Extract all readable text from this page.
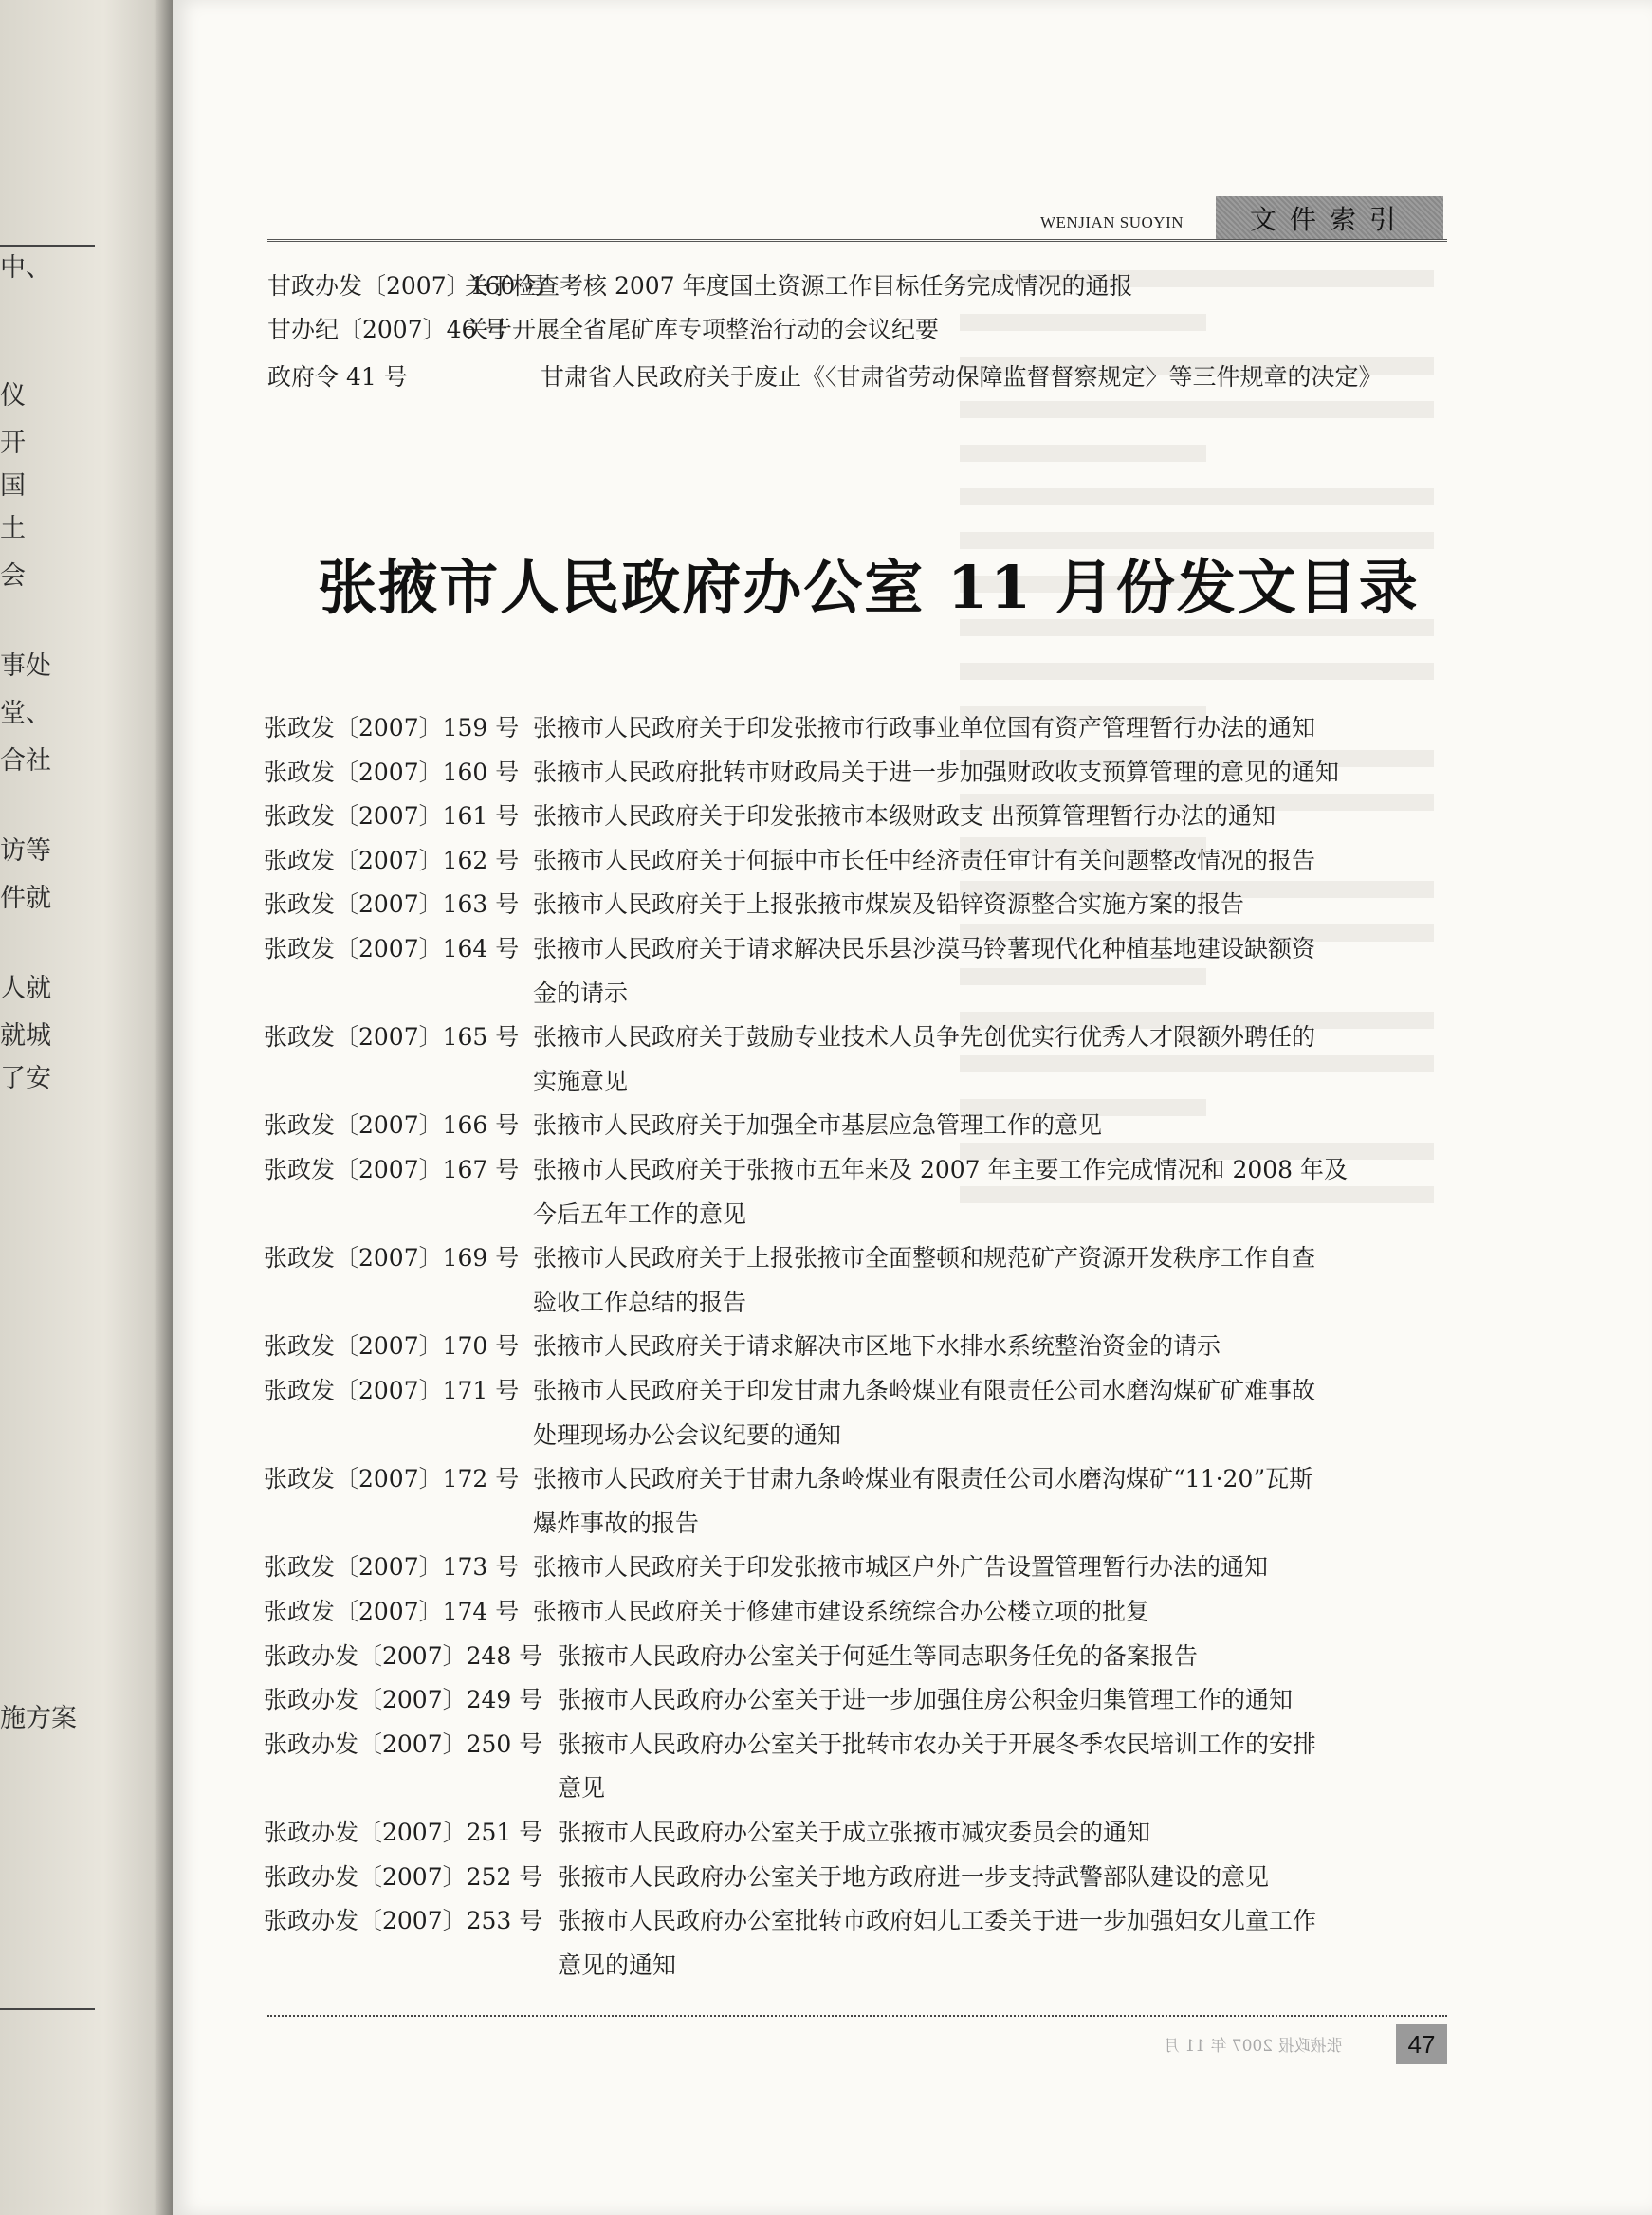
中、
仪
开
国
土
会
事处
堂、
合社
访等
件就
人就
就城
了安
施方案
WENJIAN SUOYIN 文件索引
甘政办发〔2007〕160 号
关于检查考核 2007 年度国土资源工作目标任务完成情况的通报
甘办纪〔2007〕46 号
关于开展全省尾矿库专项整治行动的会议纪要
政府令 41 号	甘肃省人民政府关于废止《〈甘肃省劳动保障监督督察规定〉等三件规章的决定》
张掖市人民政府办公室 11 月份发文目录
张政发〔2007〕159 号 张掖市人民政府关于印发张掖市行政事业单位国有资产管理暂行办法的通知
张政发〔2007〕160 号 张掖市人民政府批转市财政局关于进一步加强财政收支预算管理的意见的通知
张政发〔2007〕161 号 张掖市人民政府关于印发张掖市本级财政支 出预算管理暂行办法的通知
张政发〔2007〕162 号 张掖市人民政府关于何振中市长任中经济责任审计有关问题整改情况的报告
张政发〔2007〕163 号 张掖市人民政府关于上报张掖市煤炭及铅锌资源整合实施方案的报告
张政发〔2007〕164 号 张掖市人民政府关于请求解决民乐县沙漠马铃薯现代化种植基地建设缺额资
金的请示
张政发〔2007〕165 号 张掖市人民政府关于鼓励专业技术人员争先创优实行优秀人才限额外聘任的
实施意见
张政发〔2007〕166 号 张掖市人民政府关于加强全市基层应急管理工作的意见
张政发〔2007〕167 号 张掖市人民政府关于张掖市五年来及 2007 年主要工作完成情况和 2008 年及
今后五年工作的意见
张政发〔2007〕169 号 张掖市人民政府关于上报张掖市全面整顿和规范矿产资源开发秩序工作自查
验收工作总结的报告
张政发〔2007〕170 号 张掖市人民政府关于请求解决市区地下水排水系统整治资金的请示
张政发〔2007〕171 号 张掖市人民政府关于印发甘肃九条岭煤业有限责任公司水磨沟煤矿矿难事故
处理现场办公会议纪要的通知
张政发〔2007〕172 号 张掖市人民政府关于甘肃九条岭煤业有限责任公司水磨沟煤矿“11·20”瓦斯
爆炸事故的报告
张政发〔2007〕173 号 张掖市人民政府关于印发张掖市城区户外广告设置管理暂行办法的通知
张政发〔2007〕174 号 张掖市人民政府关于修建市建设系统综合办公楼立项的批复
张政办发〔2007〕248 号 张掖市人民政府办公室关于何延生等同志职务任免的备案报告
张政办发〔2007〕249 号 张掖市人民政府办公室关于进一步加强住房公积金归集管理工作的通知
张政办发〔2007〕250 号 张掖市人民政府办公室关于批转市农办关于开展冬季农民培训工作的安排
意见
张政办发〔2007〕251 号 张掖市人民政府办公室关于成立张掖市减灾委员会的通知
张政办发〔2007〕252 号 张掖市人民政府办公室关于地方政府进一步支持武警部队建设的意见
张政办发〔2007〕253 号 张掖市人民政府办公室批转市政府妇儿工委关于进一步加强妇女儿童工作
意见的通知
张掖政报 2007 年 11 月	47
